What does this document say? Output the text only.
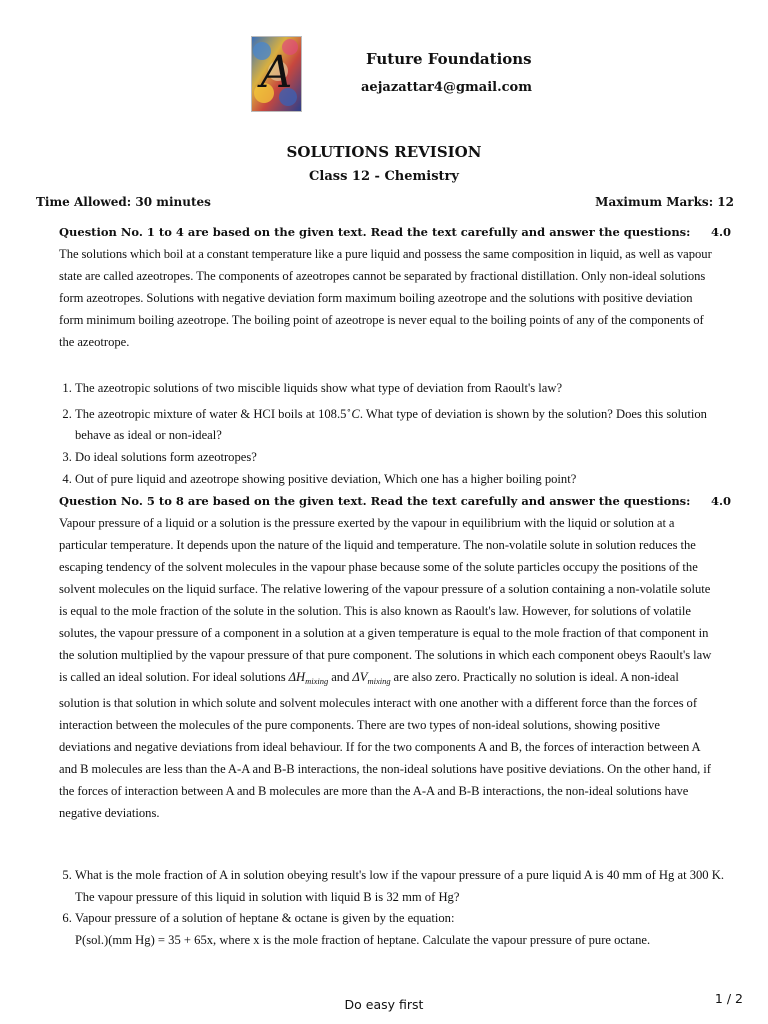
A	Future Foundations
aejazattar4@gmail.com
SOLUTIONS REVISION
Class 12 - Chemistry
Time Allowed: 30 minutes	Maximum Marks: 12
Question No. 1 to 4 are based on the given text. Read the text carefully and answer the questions: 4.0
The solutions which boil at a constant temperature like a pure liquid and possess the same composition in liquid, as well as vapour state are called azeotropes. The components of azeotropes cannot be separated by fractional distillation. Only non-ideal solutions form azeotropes. Solutions with negative deviation form maximum boiling azeotrope and the solutions with positive deviation form minimum boiling azeotrope. The boiling point of azeotrope is never equal to the boiling points of any of the components of the azeotrope.
1. The azeotropic solutions of two miscible liquids show what type of deviation from Raoult's law?
2. The azeotropic mixture of water & HCI boils at 108.5∘C. What type of deviation is shown by the solution? Does this solution behave as ideal or non-ideal?
3. Do ideal solutions form azeotropes?
4. Out of pure liquid and azeotrope showing positive deviation, Which one has a higher boiling point?
Question No. 5 to 8 are based on the given text. Read the text carefully and answer the questions: 4.0
Vapour pressure of a liquid or a solution is the pressure exerted by the vapour in equilibrium with the liquid or solution at a particular temperature. It depends upon the nature of the liquid and temperature. The non-volatile solute in solution reduces the escaping tendency of the solvent molecules in the vapour phase because some of the solute particles occupy the positions of the solvent molecules on the liquid surface. The relative lowering of the vapour pressure of a solution containing a non-volatile solute is equal to the mole fraction of the solute in the solution. This is also known as Raoult's law. However, for solutions of volatile solutes, the vapour pressure of a component in a solution at a given temperature is equal to the mole fraction of that component in the solution multiplied by the vapour pressure of that pure component. The solutions in which each component obeys Raoult's law is called an ideal solution. For ideal solutions $\Delta H_{mixing}$ and $\Delta V_{mixing}$ are also zero. Practically no solution is ideal. A non-ideal solution is that solution in which solute and solvent molecules interact with one another with a different force than the forces of interaction between the molecules of the pure components. There are two types of non-ideal solutions, showing positive deviations and negative deviations from ideal behaviour. If for the two components A and B, the forces of interaction between A and B molecules are less than the A-A and B-B interactions, the non-ideal solutions have positive deviations. On the other hand, if the forces of interaction between A and B molecules are more than the A-A and B-B interactions, the non-ideal solutions have negative deviations.
5. What is the mole fraction of A in solution obeying result's low if the vapour pressure of a pure liquid A is 40 mm of Hg at 300 K. The vapour pressure of this liquid in solution with liquid B is 32 mm of Hg?
6. Vapour pressure of a solution of heptane & octane is given by the equation:
P(sol.)(mm Hg) = 35 + 65x, where x is the mole fraction of heptane. Calculate the vapour pressure of pure octane.
Do easy first	1 / 2
